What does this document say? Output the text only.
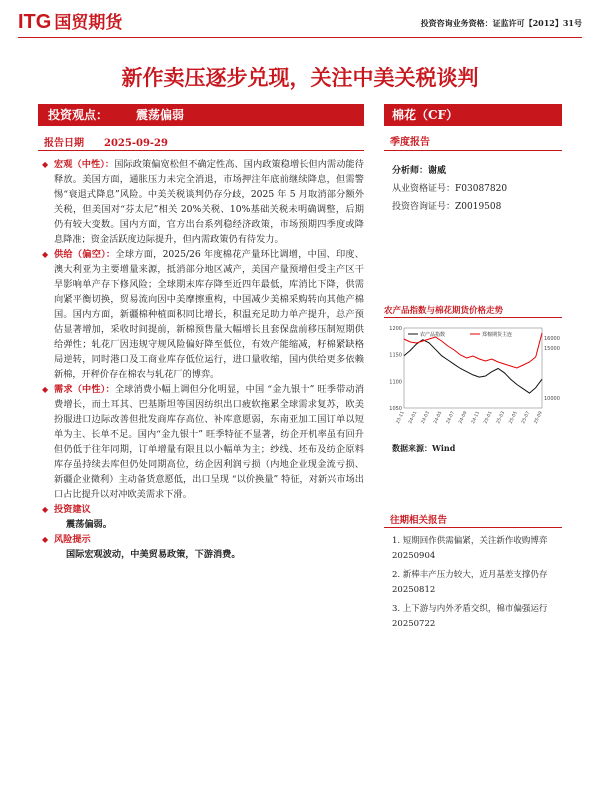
ITG 国贸期货	投资咨询业务资格：证监许可【2012】31号
新作卖压逐步兑现，关注中美关税谈判
投资观点： 震荡偏弱	棉花（CF）
报告日期 2025-09-29	季度报告

◆ 宏观（中性）：国际政策偏宽松但不确定性高、国内政策稳增长但内需动能待释放。美国方面，通胀压力未完全消退，市场押注年底前继续降息，但需警惕“衰退式降息”风险。中美关税谈判仍存分歧，2025 年 5 月取消部分额外关税，但美国对“芬太尼”相关 20%关税、10%基础关税未明确调整，后期仍有较大变数。国内方面，官方出台系列稳经济政策，市场预期四季度或降息降准；资金活跃度边际提升，但内需政策仍有待发力。

◆ 供给（偏空）：全球方面，2025/26 年度棉花产量环比调增，中国、印度、澳大利亚为主要增量来源，抵消部分地区减产，美国产量预增但受主产区干旱影响单产存下修风险；全球期末库存降至近四年最低，库消比下降，供需向紧平衡切换，贸易流向因中美摩擦重构，中国减少美棉采购转向其他产棉国。国内方面，新疆棉种植面积同比增长，积温充足助力单产提升，总产预估显著增加，采收时间提前，新棉预售量大幅增长且套保盘前移压制短期供给弹性；轧花厂因违规守规风险偏好降至低位，有效产能缩减，籽棉紧缺格局逆转，同时港口及工商业库存低位运行，进口量收缩，国内供给更多依赖新棉，开秤价存在棉农与轧花厂的博弈。

◆ 需求（中性）：全球消费小幅上调但分化明显，中国 “金九银十” 旺季带动消费增长，而土耳其、巴基斯坦等国因纺织出口疲软拖累全球需求复苏，欧美扮服进口边际改善但批发商库存高位、补库意愿弱，东南亚加工国订单以短单为主、长单不足。国内“金九银十” 旺季特征不显著，纺企开机率虽有回升但仍低于往年同期，订单增量有限且以小幅单为主；纱线、坯布及纺企原料库存虽持续去库但仍处同期高位，纺企因利润亏损（内地企业现金流亏损、新疆企业微利）主动备货意愿低，出口呈现 “以价换量” 特征，对新兴市场出口占比提升以对冲欧美需求下滑。

◆ 投资建议
震荡偏弱。

◆ 风险提示
国际宏观波动，中美贸易政策，下游消费。

分析师：谢威
从业资格证号：F03087820
投资咨询证号：Z0019508
农产品指数与棉花期货价格走势
1050
1100
1150
1200
10000
15000
16000
23-11 24-01 24-03 24-05 24-07 24-09 24-11 25-01 25-03 25-05 25-07 25-09
农产品指数	郑棉期货主连
数据来源：Wind
往期相关报告
1. 短期回作供需偏紧，关注新作收购博弈 20250904
2. 新棒丰产压力较大，近月基差支撑仍存 20250812
3. 上下游与内外矛盾交织，棉市偏强运行 20250722
